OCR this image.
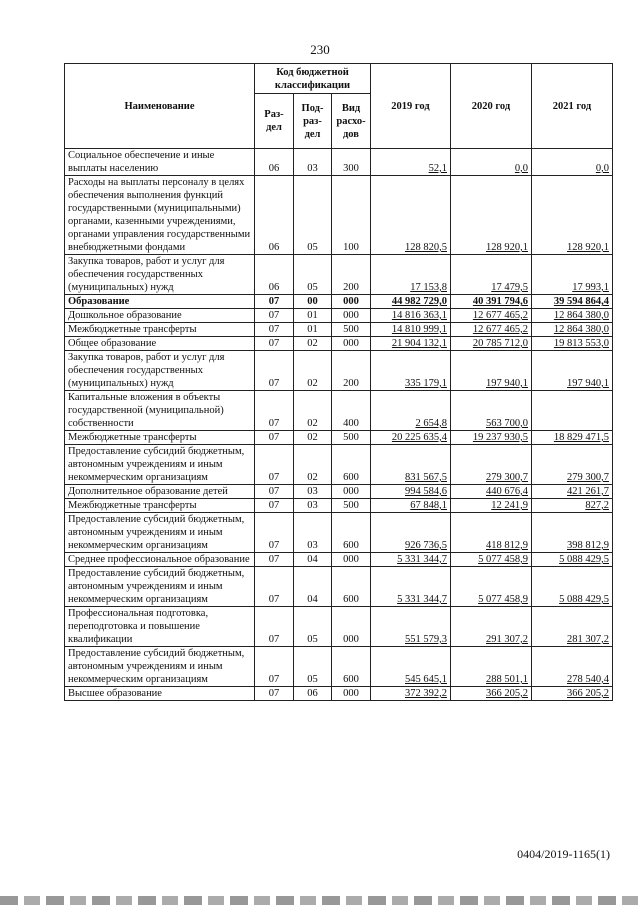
230
Наименование	Код бюджетной классификации			2019 год	2020 год	2021 год
	Раз- дел	Под- раз- дел	Вид расхо- дов			
Социальное обеспечение и иные выплаты населению	06	03	300	52,1	0,0	0,0
Расходы на выплаты персоналу в целях обеспечения выполнения функций государственными (муниципальными) органами, казенными учреждениями, органами управления государственными внебюджетными фондами	06	05	100	128 820,5	128 920,1	128 920,1
Закупка товаров, работ и услуг для обеспечения государственных (муниципальных) нужд	06	05	200	17 153,8	17 479,5	17 993,1
Образование	07	00	000	44 982 729,0	40 391 794,6	39 594 864,4
Дошкольное образование	07	01	000	14 816 363,1	12 677 465,2	12 864 380,0
Межбюджетные трансферты	07	01	500	14 810 999,1	12 677 465,2	12 864 380,0
Общее образование	07	02	000	21 904 132,1	20 785 712,0	19 813 553,0
Закупка товаров, работ и услуг для обеспечения государственных (муниципальных) нужд	07	02	200	335 179,1	197 940,1	197 940,1
Капитальные вложения в объекты государственной (муниципальной) собственности	07	02	400	2 654,8	563 700,0	
Межбюджетные трансферты	07	02	500	20 225 635,4	19 237 930,5	18 829 471,5
Предоставление субсидий бюджетным, автономным учреждениям и иным некоммерческим организациям	07	02	600	831 567,5	279 300,7	279 300,7
Дополнительное образование детей	07	03	000	994 584,6	440 676,4	421 261,7
Межбюджетные трансферты	07	03	500	67 848,1	12 241,9	827,2
Предоставление субсидий бюджетным, автономным учреждениям и иным некоммерческим организациям	07	03	600	926 736,5	418 812,9	398 812,9
Среднее профессиональное образование	07	04	000	5 331 344,7	5 077 458,9	5 088 429,5
Предоставление субсидий бюджетным, автономным учреждениям и иным некоммерческим организациям	07	04	600	5 331 344,7	5 077 458,9	5 088 429,5
Профессиональная подготовка, переподготовка и повышение квалификации	07	05	000	551 579,3	291 307,2	281 307,2
Предоставление субсидий бюджетным, автономным учреждениям и иным некоммерческим организациям	07	05	600	545 645,1	288 501,1	278 540,4
Высшее образование	07	06	000	372 392,2	366 205,2	366 205,2
0404/2019-1165(1)
